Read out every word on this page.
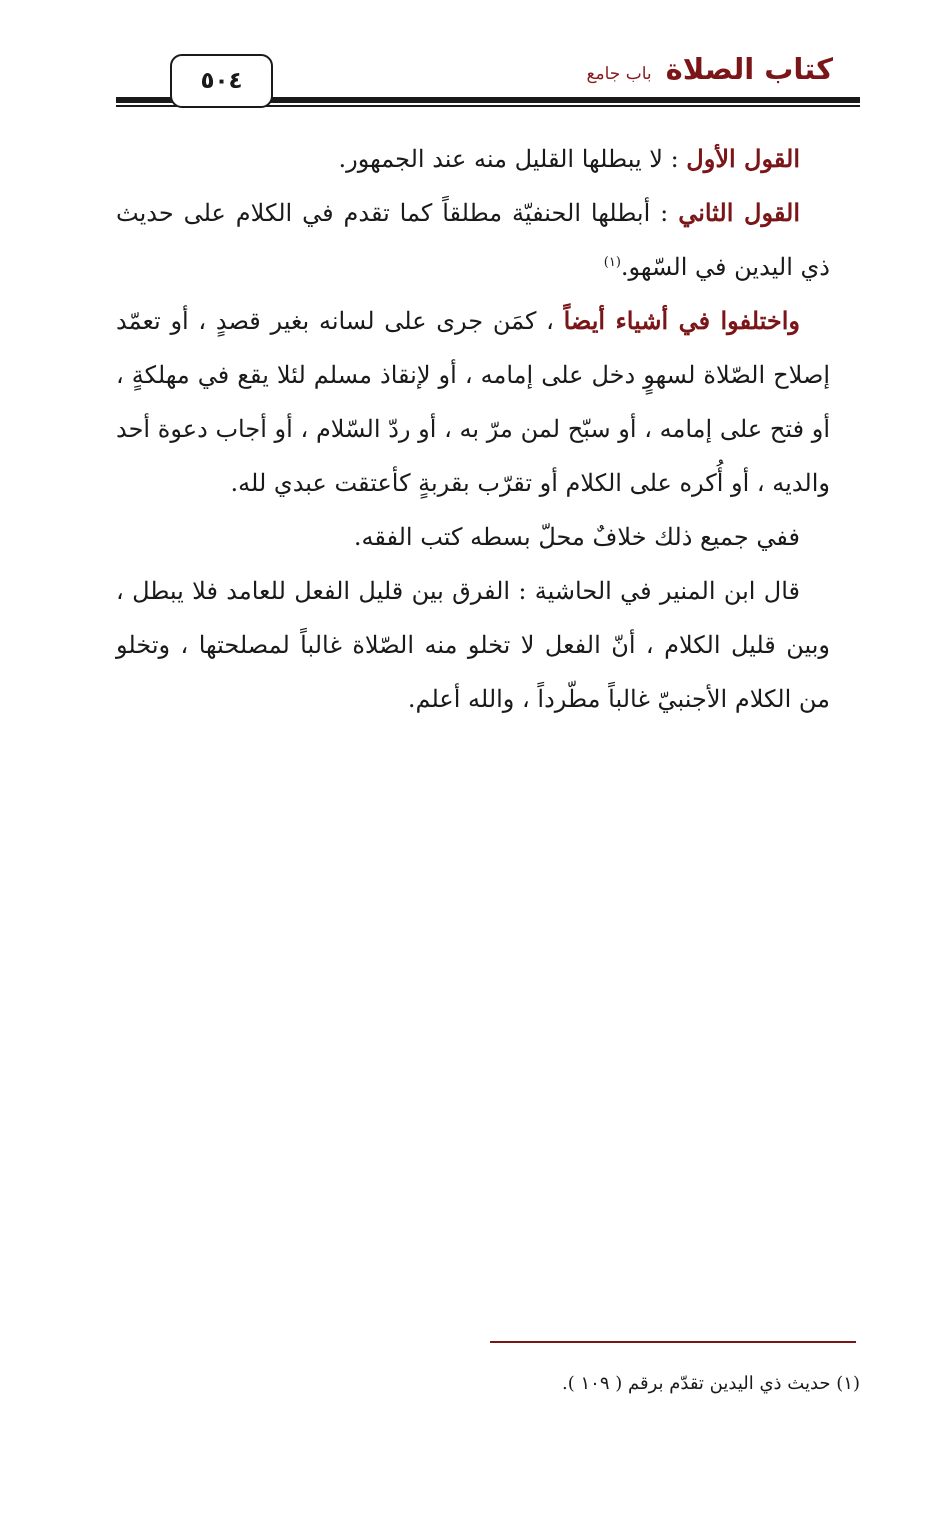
كتاب الصلاة
باب جامع
٥٠٤

القول الأول : لا يبطلها القليل منه عند الجمهور.

القول الثاني : أبطلها الحنفيّة مطلقاً كما تقدم في الكلام على حديث ذي اليدين في السّهو.$^{(١)}$

واختلفوا في أشياء أيضاً ، كمَن جرى على لسانه بغير قصدٍ ، أو تعمّد إصلاح الصّلاة لسهوٍ دخل على إمامه ، أو لإنقاذ مسلم لئلا يقع في مهلكةٍ ، أو فتح على إمامه ، أو سبّح لمن مرّ به ، أو ردّ السّلام ، أو أجاب دعوة أحد والديه ، أو أُكره على الكلام أو تقرّب بقربةٍ كأعتقت عبدي لله.

ففي جميع ذلك خلافٌ محلّ بسطه كتب الفقه.

قال ابن المنير في الحاشية : الفرق بين قليل الفعل للعامد فلا يبطل ، وبين قليل الكلام ، أنّ الفعل لا تخلو منه الصّلاة غالباً لمصلحتها ، وتخلو من الكلام الأجنبيّ غالباً مطّرداً ، والله أعلم.

(١) حديث ذي اليدين تقدّم برقم ( ١٠٩ ).
